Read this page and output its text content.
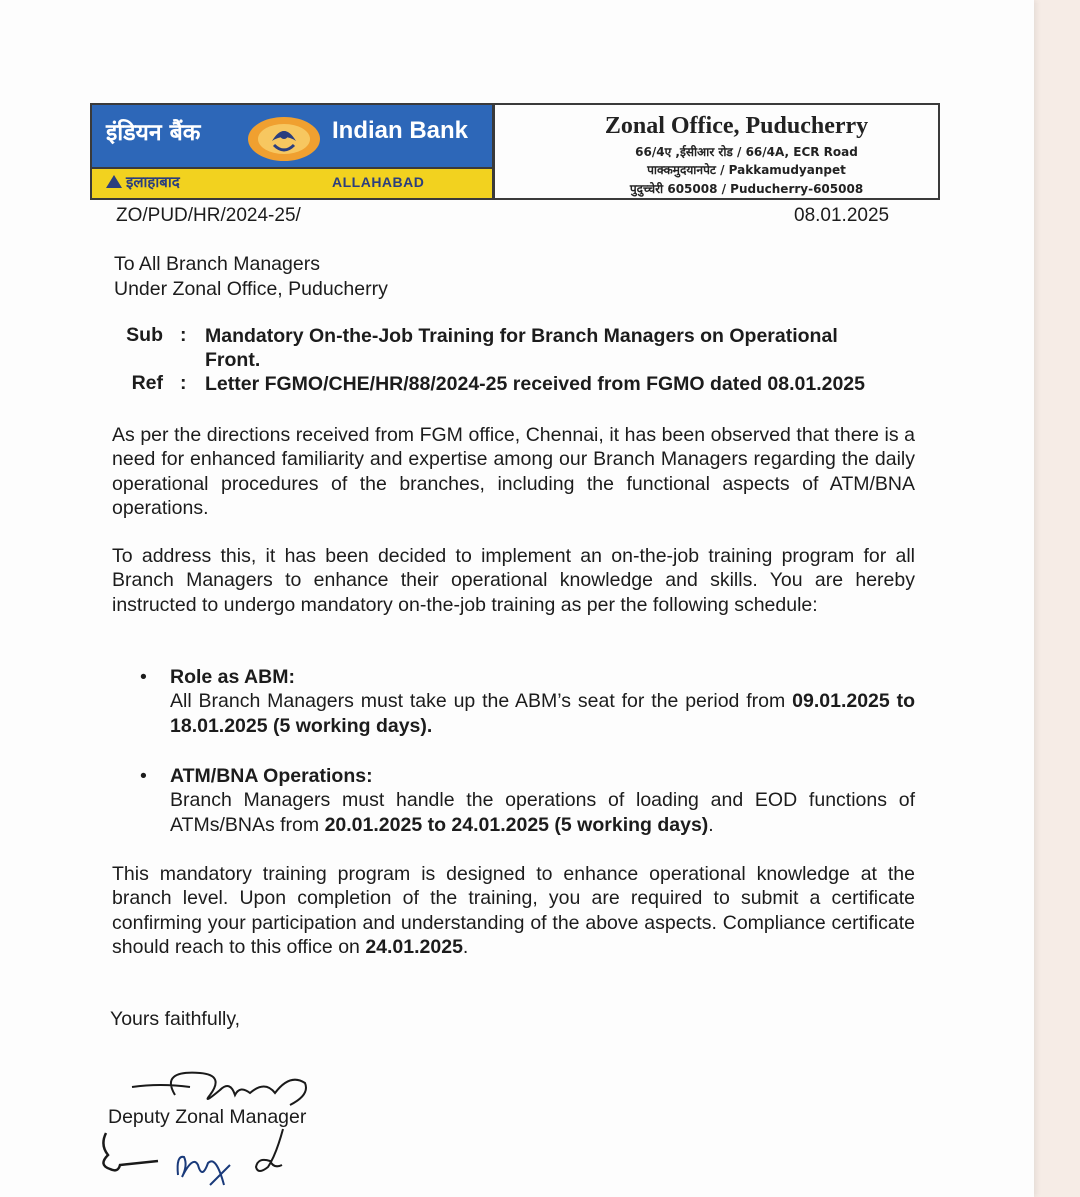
इंडियन बैंक	Indian Bank
इलाहाबाद	ALLAHABAD
Zonal Office, Puducherry
66/4ए ,ईसीआर रोड / 66/4A, ECR Road
पाक्कमुदयानपेट / Pakkamudyanpet
पुदुच्चेरी 605008 / Puducherry-605008
ZO/PUD/HR/2024-25/	08.01.2025
To All Branch Managers
Under Zonal Office, Puducherry
Sub : Mandatory On-the-Job Training for Branch Managers on Operational
Front.
Ref : Letter FGMO/CHE/HR/88/2024-25 received from FGMO dated 08.01.2025
As per the directions received from FGM office, Chennai, it has been observed that there is a need for enhanced familiarity and expertise among our Branch Managers regarding the daily operational procedures of the branches, including the functional aspects of ATM/BNA operations.
To address this, it has been decided to implement an on-the-job training program for all Branch Managers to enhance their operational knowledge and skills. You are hereby instructed to undergo mandatory on-the-job training as per the following schedule:
• Role as ABM:
All Branch Managers must take up the ABM’s seat for the period from 09.01.2025 to 18.01.2025 (5 working days).
• ATM/BNA Operations:
Branch Managers must handle the operations of loading and EOD functions of ATMs/BNAs from 20.01.2025 to 24.01.2025 (5 working days).
This mandatory training program is designed to enhance operational knowledge at the branch level. Upon completion of the training, you are required to submit a certificate confirming your participation and understanding of the above aspects. Compliance certificate should reach to this office on 24.01.2025.
Yours faithfully,
Deputy Zonal Manager
